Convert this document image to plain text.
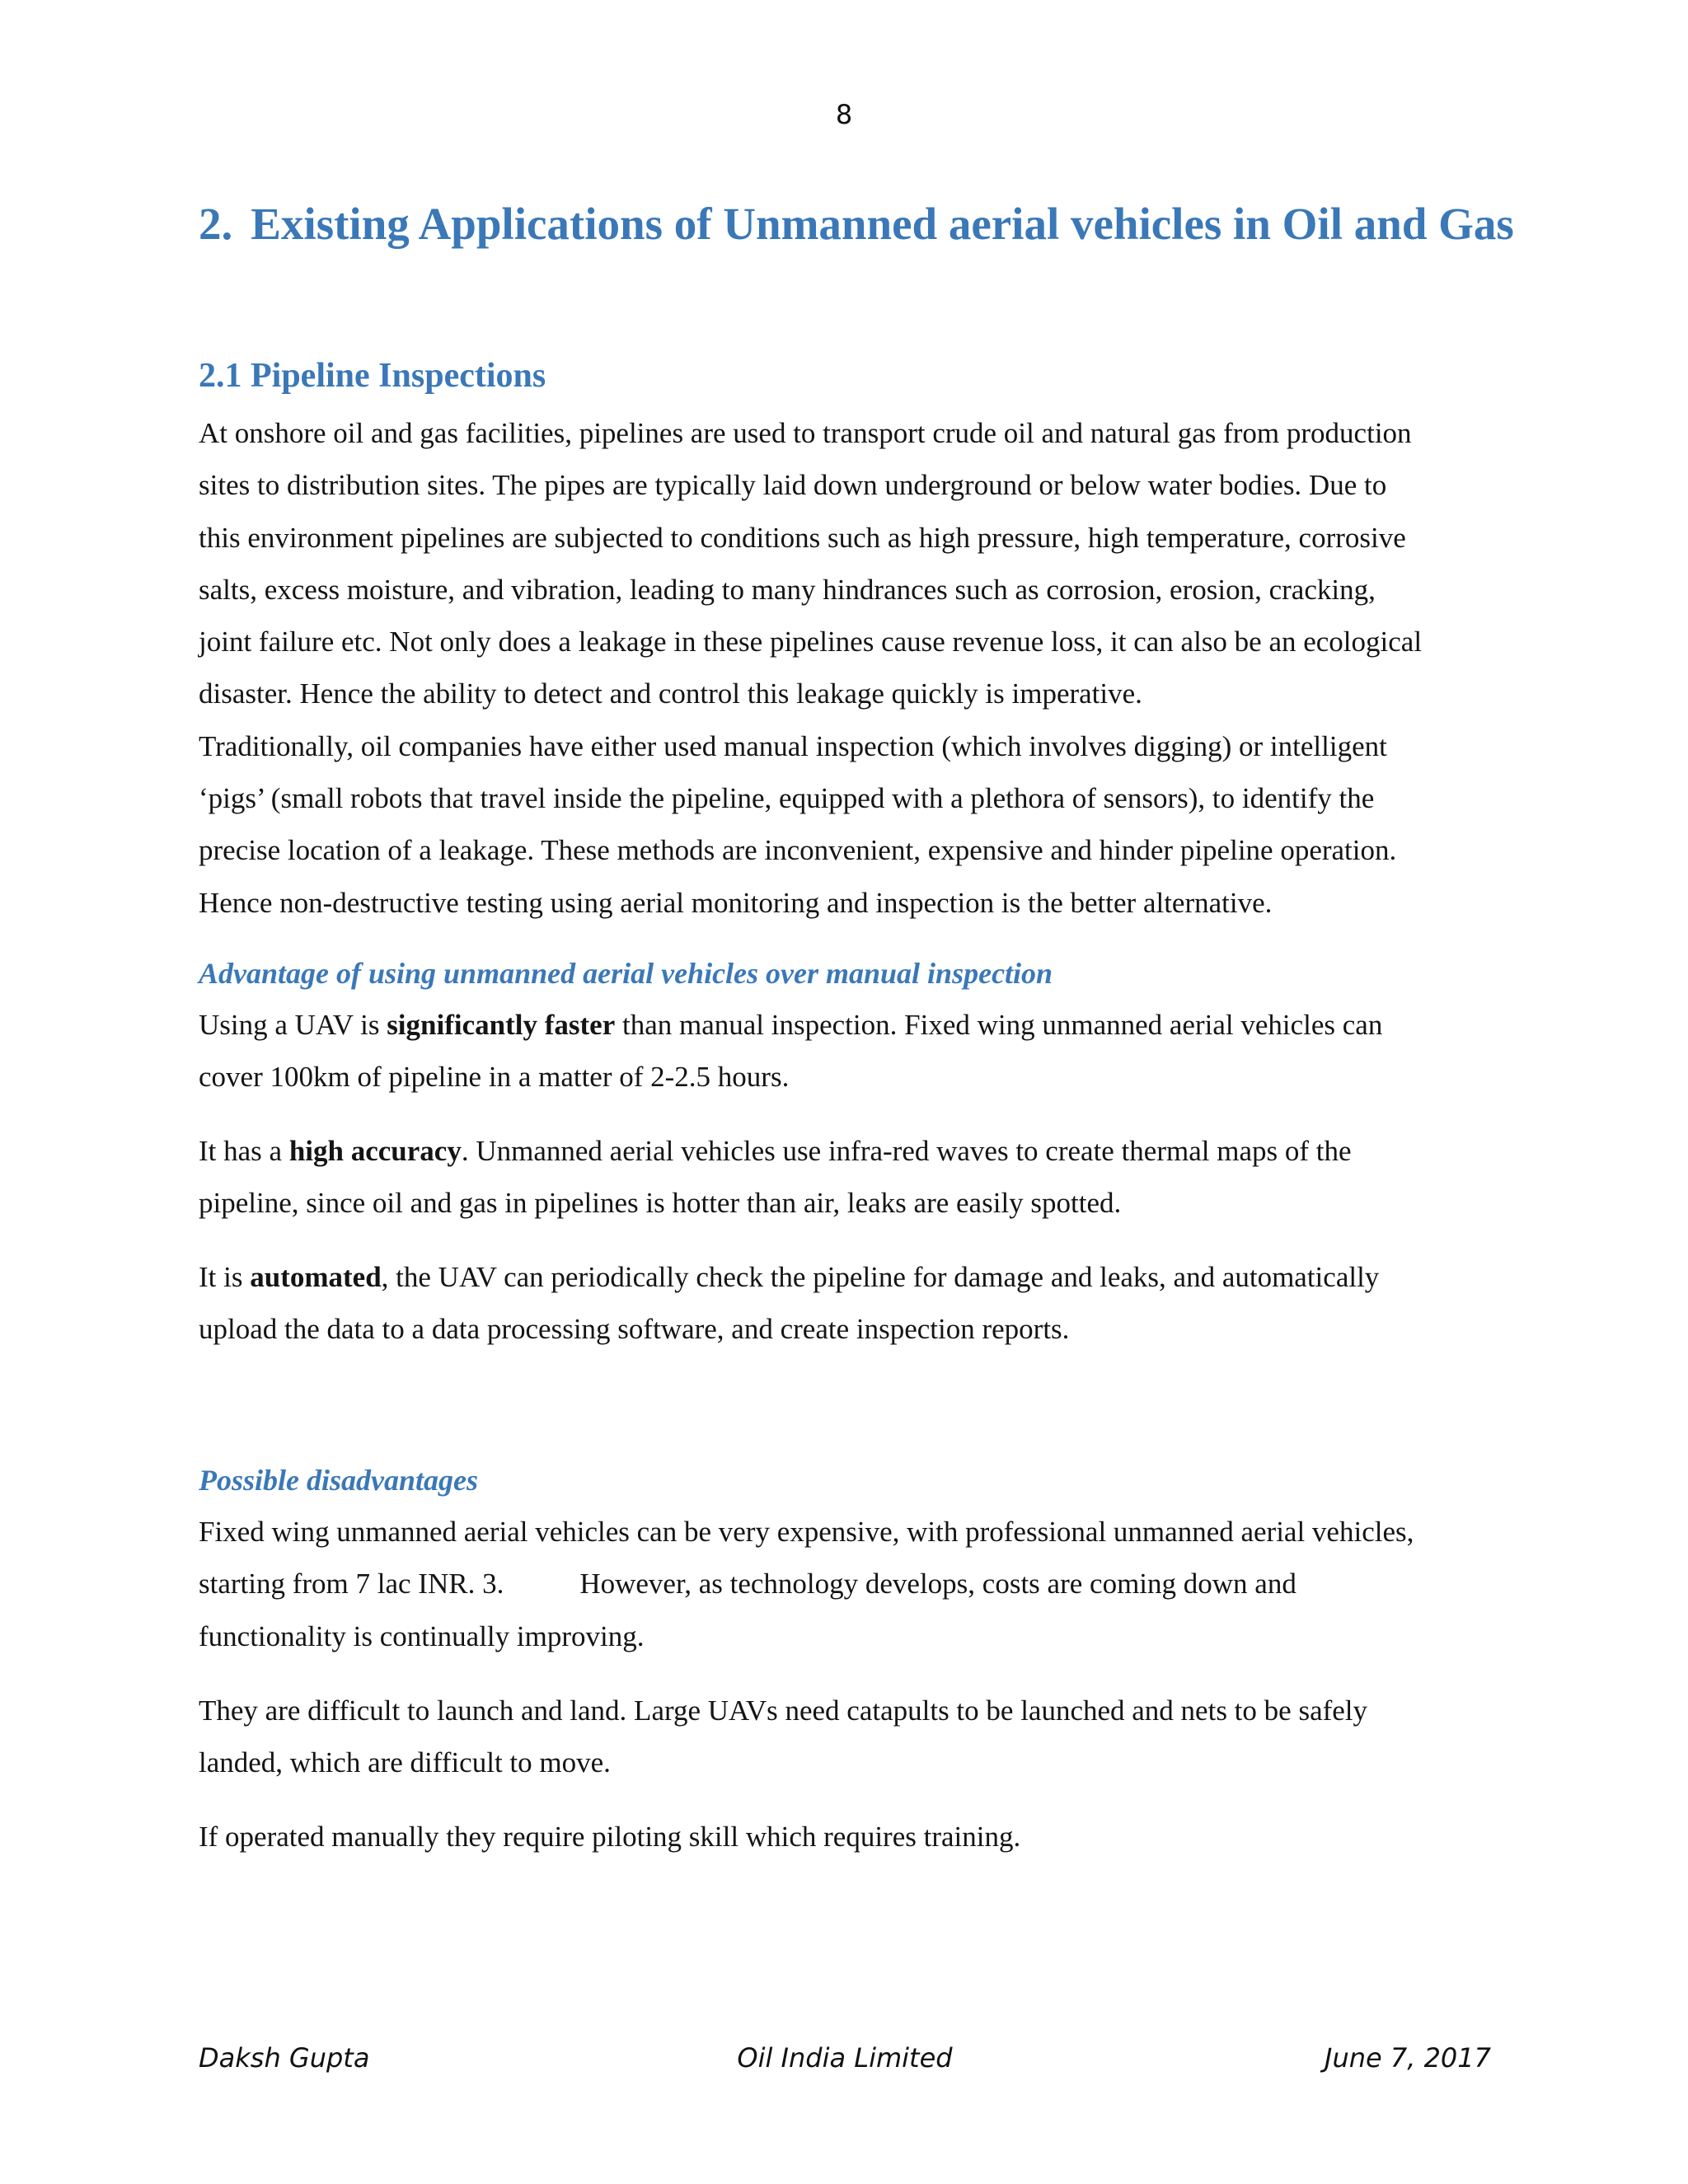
8
2. Existing Applications of Unmanned aerial vehicles in Oil and Gas
2.1 Pipeline Inspections

At onshore oil and gas facilities, pipelines are used to transport crude oil and natural gas from production
sites to distribution sites. The pipes are typically laid down underground or below water bodies. Due to
this environment pipelines are subjected to conditions such as high pressure, high temperature, corrosive
salts, excess moisture, and vibration, leading to many hindrances such as corrosion, erosion, cracking,
joint failure etc. Not only does a leakage in these pipelines cause revenue loss, it can also be an ecological
disaster. Hence the ability to detect and control this leakage quickly is imperative.
Traditionally, oil companies have either used manual inspection (which involves digging) or intelligent
‘pigs’ (small robots that travel inside the pipeline, equipped with a plethora of sensors), to identify the
precise location of a leakage. These methods are inconvenient, expensive and hinder pipeline operation.
Hence non-destructive testing using aerial monitoring and inspection is the better alternative.

Advantage of using unmanned aerial vehicles over manual inspection

Using a UAV is significantly faster than manual inspection. Fixed wing unmanned aerial vehicles can
cover 100km of pipeline in a matter of 2-2.5 hours.

It has a high accuracy. Unmanned aerial vehicles use infra-red waves to create thermal maps of the
pipeline, since oil and gas in pipelines is hotter than air, leaks are easily spotted.

It is automated, the UAV can periodically check the pipeline for damage and leaks, and automatically
upload the data to a data processing software, and create inspection reports.

Possible disadvantages

Fixed wing unmanned aerial vehicles can be very expensive, with professional unmanned aerial vehicles,
starting from 7 lac INR. 3.	However, as technology develops, costs are coming down and
functionality is continually improving.

They are difficult to launch and land. Large UAVs need catapults to be launched and nets to be safely
landed, which are difficult to move.

If operated manually they require piloting skill which requires training.

Oil India Limited
Daksh Gupta	June 7, 2017
